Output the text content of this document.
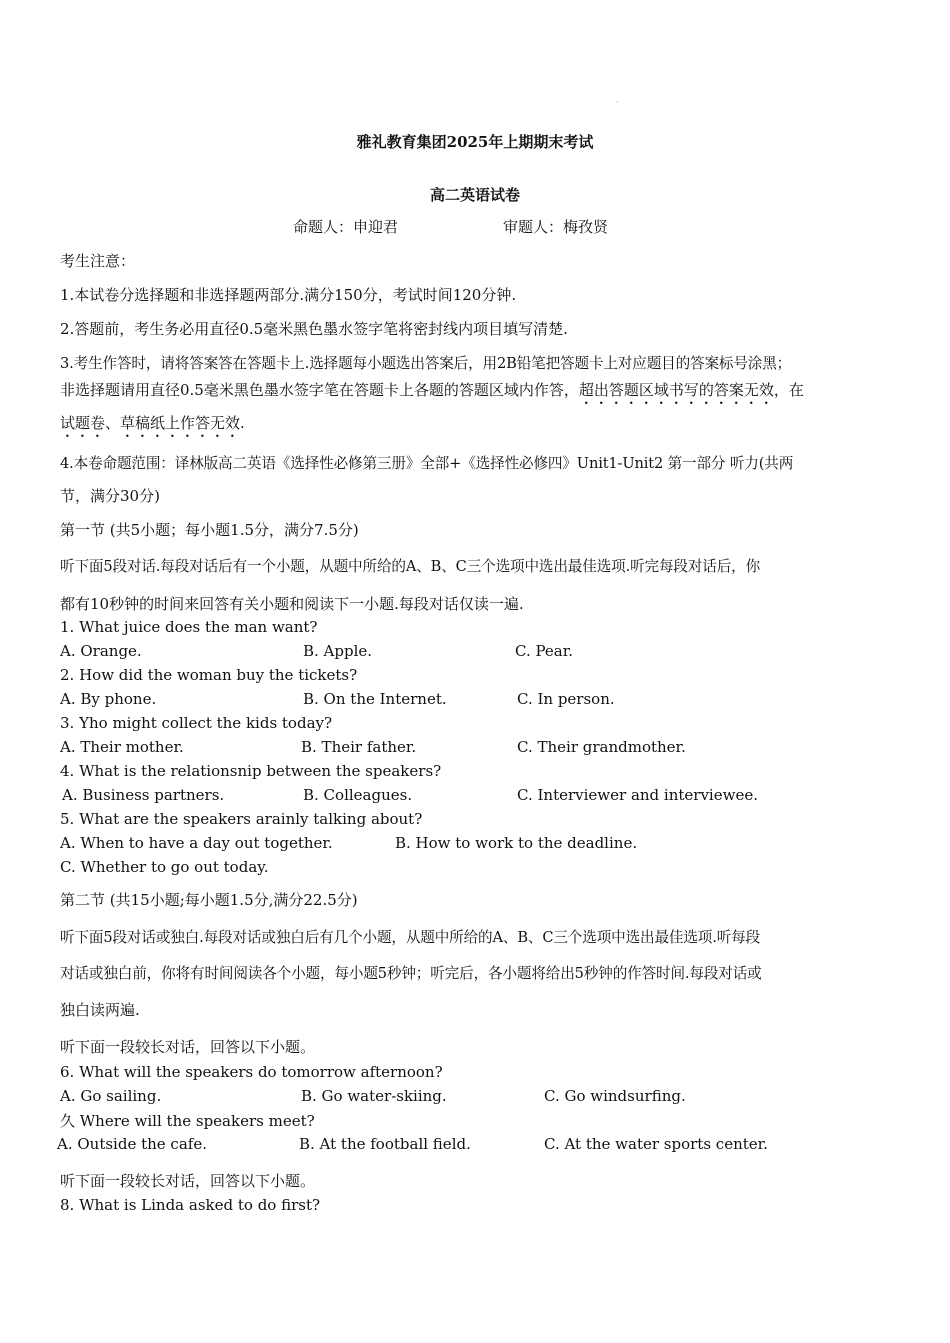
·
雅礼教育集团2025年上期期末考试
高二英语试卷
命题人：申迎君	审题人：梅孜贤
考生注意：
1.本试卷分选择题和非选择题两部分.满分150分，考试时间120分钟.
2.答题前，考生务必用直径0.5毫米黑色墨水签字笔将密封线内项目填写清楚.
3.考生作答时，请将答案答在答题卡上.选择题每小题选出答案后，用2B铅笔把答题卡上对应题目的答案标号涂黑；
非选择题请用直径0.5毫米黑色墨水签字笔在答题卡上各题的答题区域内作答，超出答题区域书写的答案无效，在
试题卷、草稿纸上作答无效.
4.本卷命题范围：译林版高二英语《选择性必修第三册》全部+《选择性必修四》Unit1-Unit2 第一部分 听力(共两
节，满分30分)
第一节 (共5小题；每小题1.5分，满分7.5分)
听下面5段对话.每段对话后有一个小题，从题中所给的A、B、C三个选项中选出最佳选项.听完每段对话后，你
都有10秒钟的时间来回答有关小题和阅读下一小题.每段对话仅读一遍.
1. What juice does the man want?
A. Orange.	B. Apple.	C. Pear.
2. How did the woman buy the tickets?
A. By phone.	B. On the Internet.	C. In person.
3. Yho might collect the kids today?
A. Their mother.	B. Their father.	C. Their grandmother.
4. What is the relationsnip between the speakers?
A. Business partners.	B. Colleagues.	C. Interviewer and interviewee.
5. What are the speakers arainly talking about?
A. When to have a day out together.	B. How to work to the deadline.
C. Whether to go out today.
第二节 (共15小题;每小题1.5分,满分22.5分)
听下面5段对话或独白.每段对话或独白后有几个小题，从题中所给的A、B、C三个选项中选出最佳选项.听每段
对话或独白前，你将有时间阅读各个小题，每小题5秒钟；听完后，各小题将给出5秒钟的作答时间.每段对话或
独白读两遍.
听下面一段较长对话，回答以下小题。
6. What will the speakers do tomorrow afternoon?
A. Go sailing.	B. Go water-skiing.	C. Go windsurfing.
久 Where will the speakers meet?
A. Outside the cafe.	B. At the football field.	C. At the water sports center.
听下面一段较长对话，回答以下小题。
8. What is Linda asked to do first?
